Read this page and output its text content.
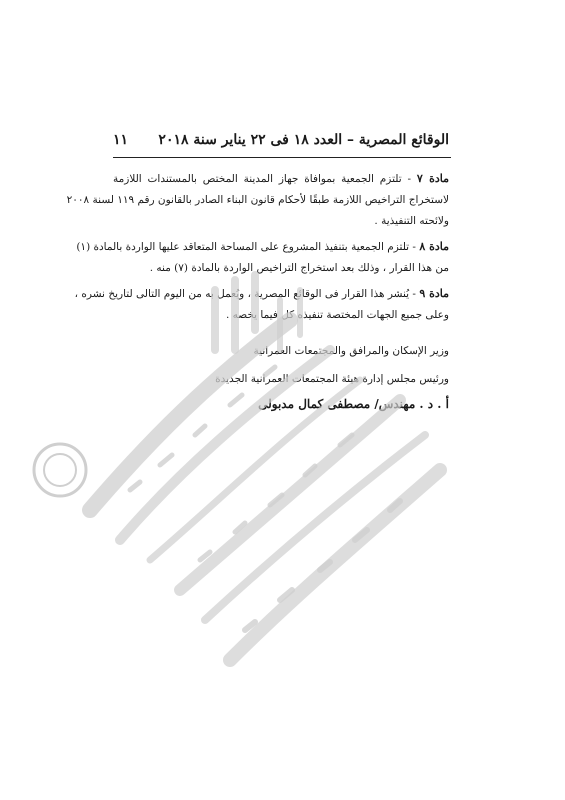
الوقائع المصرية – العدد ١٨ فى ٢٢ يناير سنة ٢٠١٨
١١
مادة ٧ - تلتزم الجمعية بموافاة جهاز المدينة المختص بالمستندات اللازمة
لاستخراج التراخيص اللازمة طبقًا لأحكام قانون البناء الصادر بالقانون رقم ١١٩ لسنة ٢٠٠٨
ولائحته التنفيذية .
مادة ٨ - تلتزم الجمعية بتنفيذ المشروع على المساحة المتعاقد عليها الواردة بالمادة (١)
من هذا القرار ، وذلك بعد استخراج التراخيص الواردة بالمادة (٧) منه .
مادة ٩ - يُنشر هذا القرار فى الوقائع المصرية ، ويُعمل به من اليوم التالى لتاريخ نشره ،
وعلى جميع الجهات المختصة تنفيذه كل فيما يخصه .
وزير الإسكان والمرافق والمجتمعات العمرانية
ورئيس مجلس إدارة هيئة المجتمعات العمرانية الجديدة
أ . د . مهندس/ مصطفى كمال مدبولى
